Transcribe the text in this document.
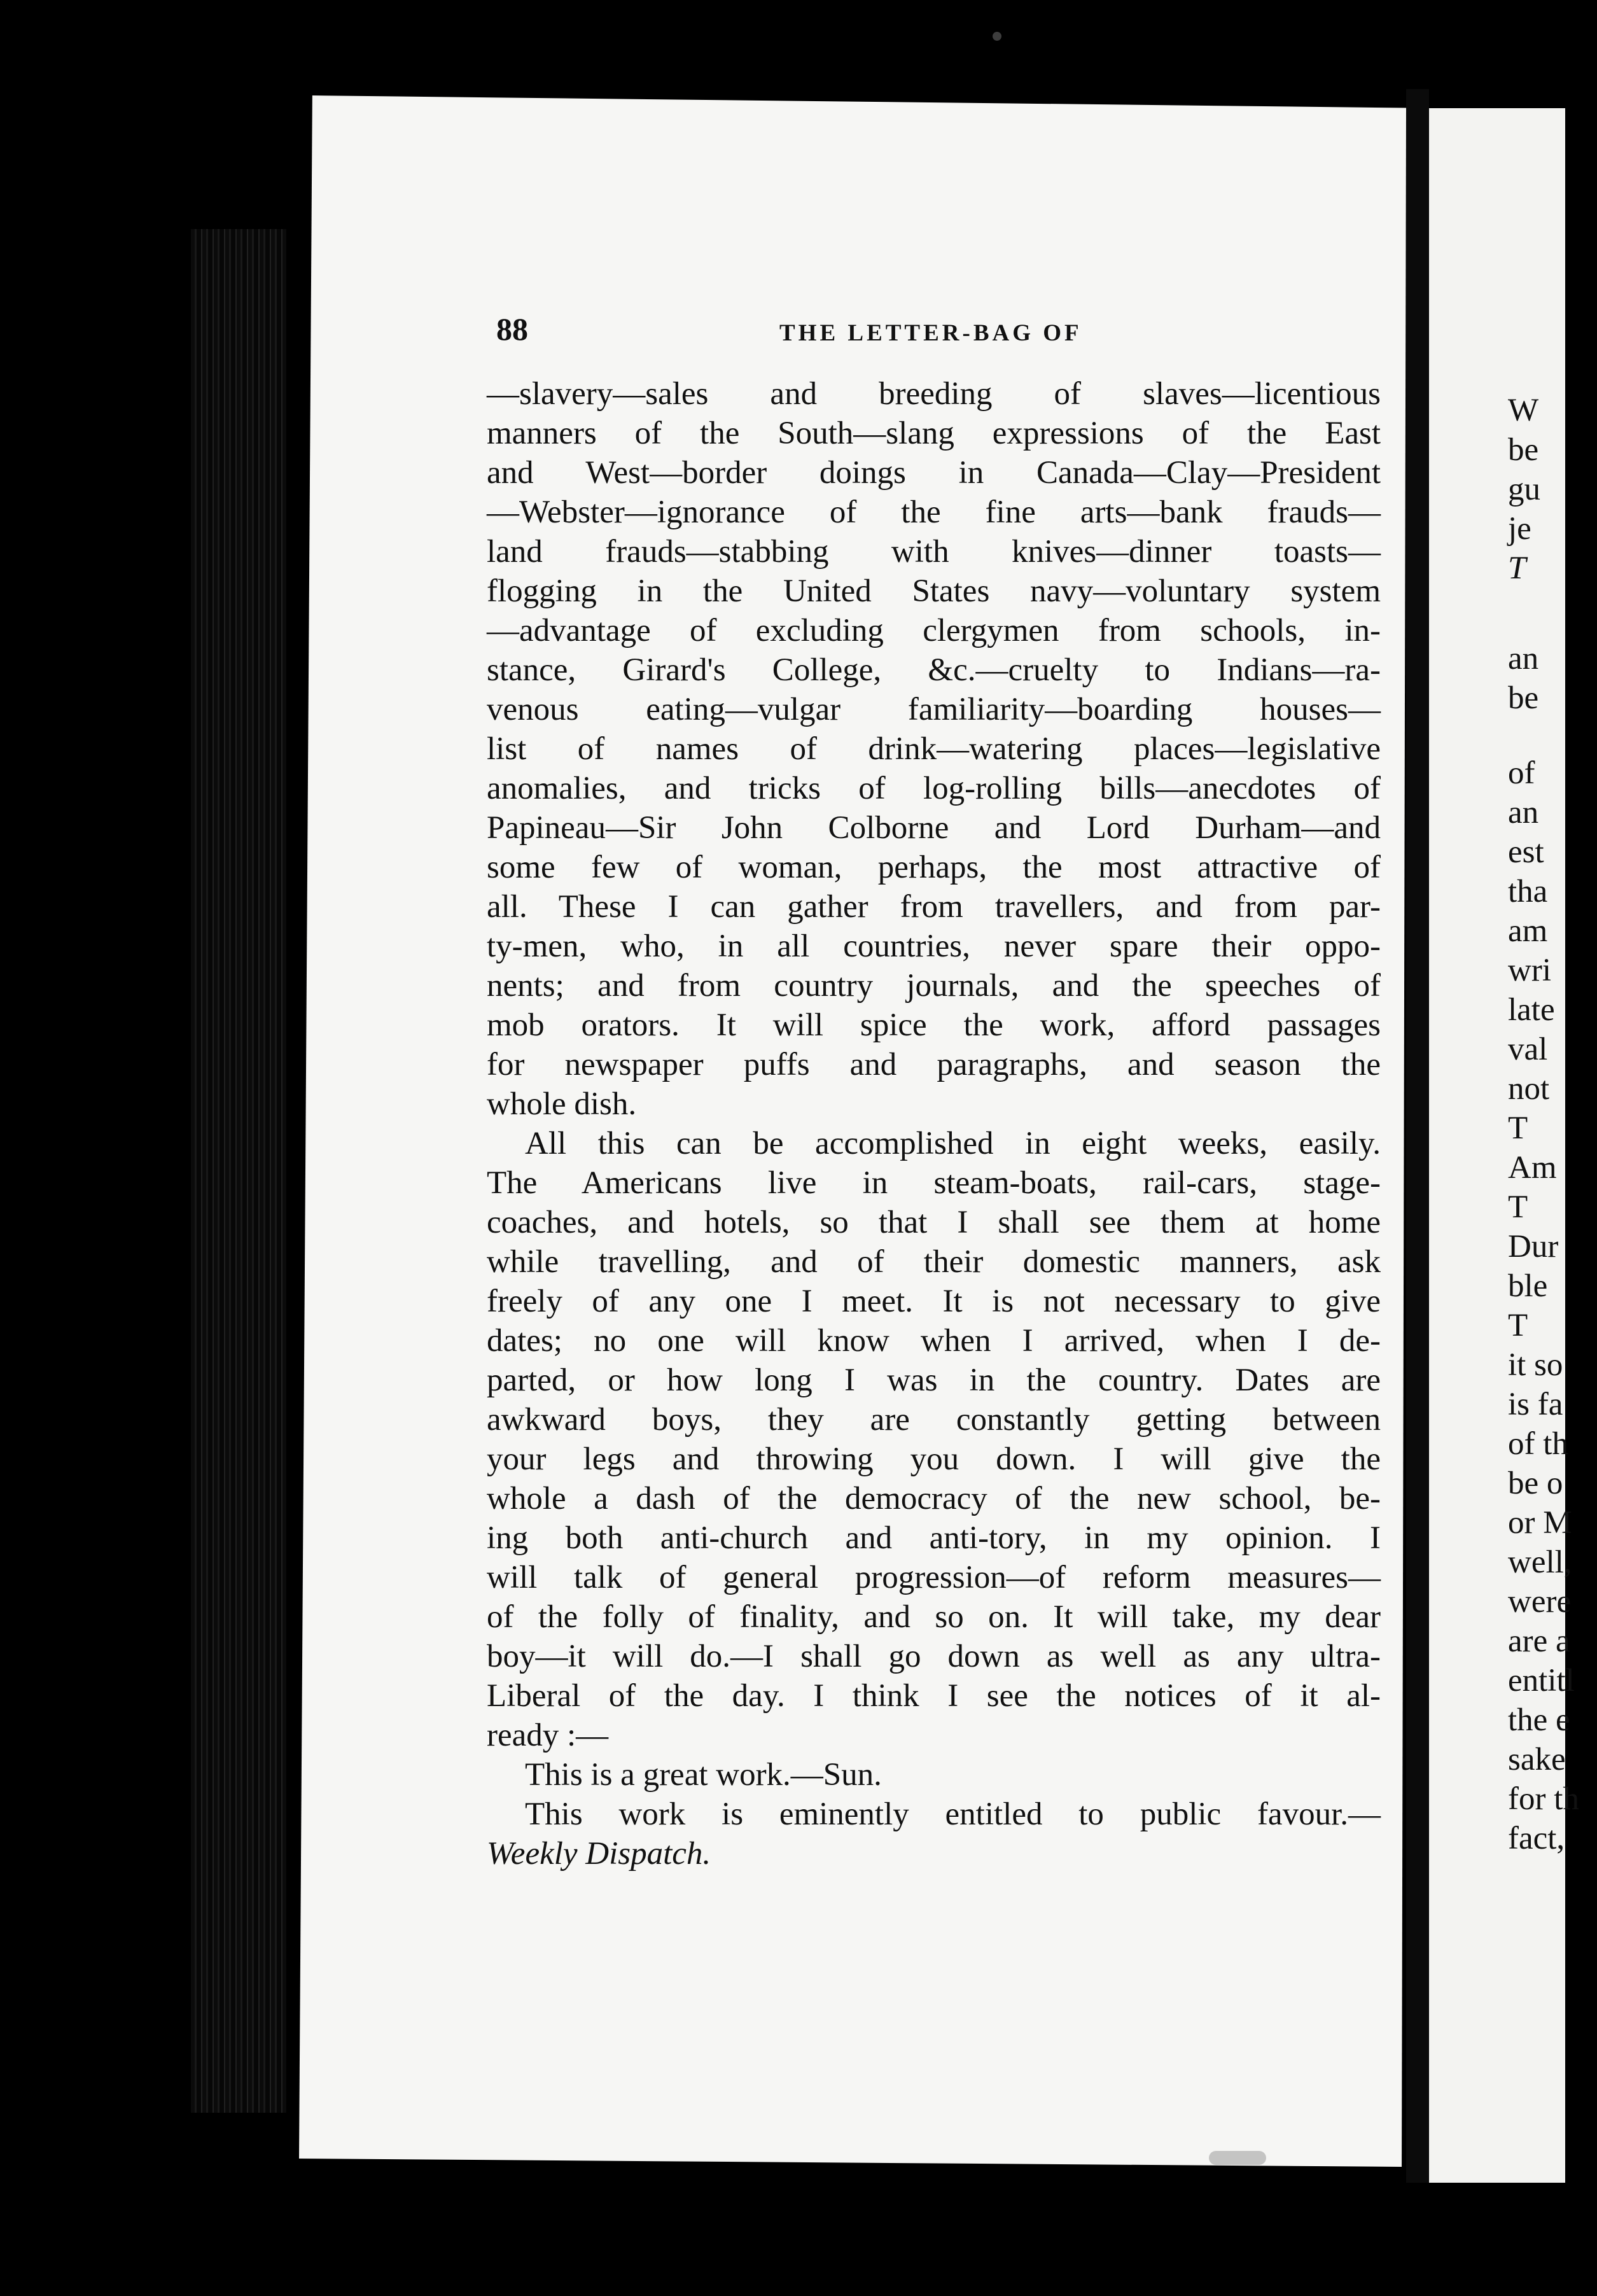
88	THE LETTER-BAG OF
—slavery—sales and breeding of slaves—licentious
manners of the South—slang expressions of the East
and West—border doings in Canada—Clay—President
—Webster—ignorance of the fine arts—bank frauds—
land frauds—stabbing with knives—dinner toasts—
flogging in the United States navy—voluntary system
—advantage of excluding clergymen from schools, in-
stance, Girard's College, &c.—cruelty to Indians—ra-
venous eating—vulgar familiarity—boarding houses—
list of names of drink—watering places—legislative
anomalies, and tricks of log-rolling bills—anecdotes of
Papineau—Sir John Colborne and Lord Durham—and
some few of woman, perhaps, the most attractive of
all. These I can gather from travellers, and from par-
ty-men, who, in all countries, never spare their oppo-
nents; and from country journals, and the speeches of
mob orators. It will spice the work, afford passages
for newspaper puffs and paragraphs, and season the
whole dish.
All this can be accomplished in eight weeks, easily.
The Americans live in steam-boats, rail-cars, stage-
coaches, and hotels, so that I shall see them at home
while travelling, and of their domestic manners, ask
freely of any one I meet. It is not necessary to give
dates; no one will know when I arrived, when I de-
parted, or how long I was in the country. Dates are
awkward boys, they are constantly getting between
your legs and throwing you down. I will give the
whole a dash of the democracy of the new school, be-
ing both anti-church and anti-tory, in my opinion. I
will talk of general progression—of reform measures—
of the folly of finality, and so on. It will take, my dear
boy—it will do.—I shall go down as well as any ultra-
Liberal of the day. I think I see the notices of it al-
ready :—
This is a great work.—Sun.
This work is eminently entitled to public favour.—
Weekly Dispatch.
W
be
gu
je
T
an
be
of
an
est
tha
am
wri
late
val
not
T
Am
T
Dur
ble
T
it so
is fa
of th
be o
or M
well,
were
are a
entitl
the e
sake
for th
fact,
